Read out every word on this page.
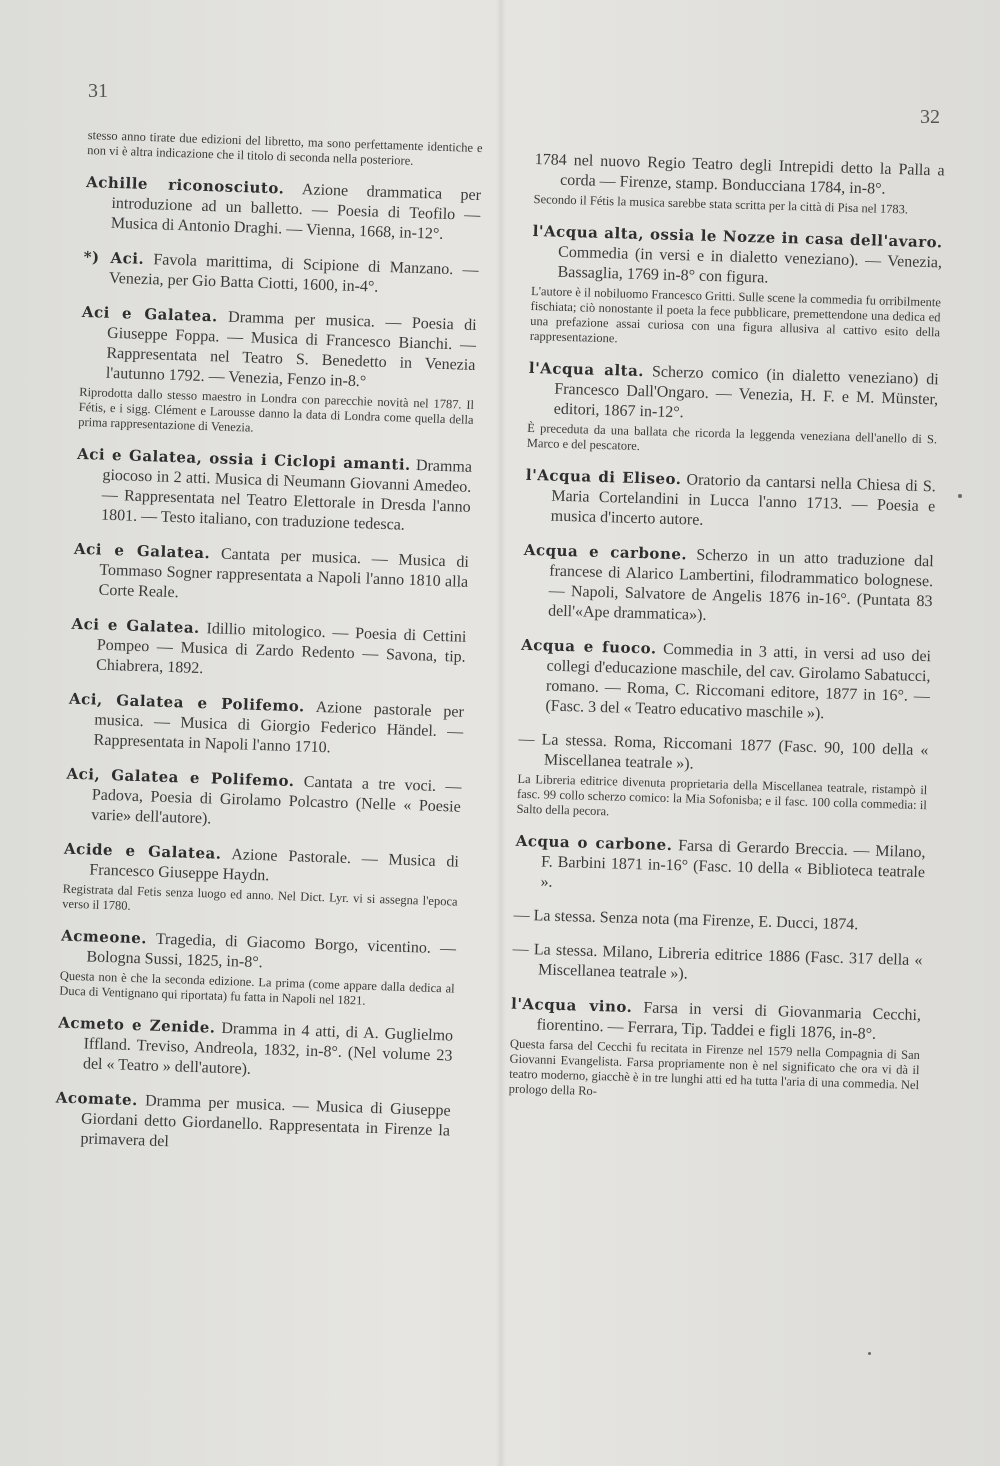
31
32

stesso anno tirate due edizioni del libretto, ma sono perfettamente identiche e non vi è altra indicazione che il titolo di seconda nella posteriore.

Achille riconosciuto. Azione drammatica per introduzione ad un balletto. — Poesia di Teofilo — Musica di Antonio Draghi. — Vienna, 1668, in-12°.

*) Aci. Favola marittima, di Scipione di Manzano. — Venezia, per Gio Batta Ciotti, 1600, in-4°.

Aci e Galatea. Dramma per musica. — Poesia di Giuseppe Foppa. — Musica di Francesco Bianchi. — Rappresentata nel Teatro S. Benedetto in Venezia l'autunno 1792. — Venezia, Fenzo in-8.°

Riprodotta dallo stesso maestro in Londra con parecchie novità nel 1787. Il Fétis, e i sigg. Clément e Larousse danno la data di Londra come quella della prima rappresentazione di Venezia.

Aci e Galatea, ossia i Ciclopi amanti. Dramma giocoso in 2 atti. Musica di Neumann Giovanni Amedeo. — Rappresentata nel Teatro Elettorale in Dresda l'anno 1801. — Testo italiano, con traduzione tedesca.

Aci e Galatea. Cantata per musica. — Musica di Tommaso Sogner rappresentata a Napoli l'anno 1810 alla Corte Reale.

Aci e Galatea. Idillio mitologico. — Poesia di Cettini Pompeo — Musica di Zardo Redento — Savona, tip. Chiabrera, 1892.

Aci, Galatea e Polifemo. Azione pastorale per musica. — Musica di Giorgio Federico Händel. — Rappresentata in Napoli l'anno 1710.

Aci, Galatea e Polifemo. Cantata a tre voci. — Padova, Poesia di Girolamo Polcastro (Nelle « Poesie varie» dell'autore).

Acide e Galatea. Azione Pastorale. — Musica di Francesco Giuseppe Haydn.

Registrata dal Fetis senza luogo ed anno. Nel Dict. Lyr. vi si assegna l'epoca verso il 1780.

Acmeone. Tragedia, di Giacomo Borgo, vicentino. — Bologna Sussi, 1825, in-8°.

Questa non è che la seconda edizione. La prima (come appare dalla dedica al Duca di Ventignano qui riportata) fu fatta in Napoli nel 1821.

Acmeto e Zenide. Dramma in 4 atti, di A. Guglielmo Iffland. Treviso, Andreola, 1832, in-8°. (Nel volume 23 del « Teatro » dell'autore).

Acomate. Dramma per musica. — Musica di Giuseppe Giordani detto Giordanello. Rappresentata in Firenze la primavera del

1784 nel nuovo Regio Teatro degli Intrepidi detto la Palla a corda — Firenze, stamp. Bonducciana 1784, in-8°.

Secondo il Fétis la musica sarebbe stata scritta per la città di Pisa nel 1783.

l'Acqua alta, ossia le Nozze in casa dell'avaro. Commedia (in versi e in dialetto veneziano). — Venezia, Bassaglia, 1769 in-8° con figura.

L'autore è il nobiluomo Francesco Gritti. Sulle scene la commedia fu orribilmente fischiata; ciò nonostante il poeta la fece pubblicare, premettendone una dedica ed una prefazione assai curiosa con una figura allusiva al cattivo esito della rappresentazione.

l'Acqua alta. Scherzo comico (in dialetto veneziano) di Francesco Dall'Ongaro. — Venezia, H. F. e M. Münster, editori, 1867 in-12°.

È preceduta da una ballata che ricorda la leggenda veneziana dell'anello di S. Marco e del pescatore.

l'Acqua di Eliseo. Oratorio da cantarsi nella Chiesa di S. Maria Cortelandini in Lucca l'anno 1713. — Poesia e musica d'incerto autore.

Acqua e carbone. Scherzo in un atto traduzione dal francese di Alarico Lambertini, filodrammatico bolognese. — Napoli, Salvatore de Angelis 1876 in-16°. (Puntata 83 dell'«Ape drammatica»).

Acqua e fuoco. Commedia in 3 atti, in versi ad uso dei collegi d'educazione maschile, del cav. Girolamo Sabatucci, romano. — Roma, C. Riccomani editore, 1877 in 16°. — (Fasc. 3 del « Teatro educativo maschile »).

— La stessa. Roma, Riccomani 1877 (Fasc. 90, 100 della « Miscellanea teatrale »).

La Libreria editrice divenuta proprietaria della Miscellanea teatrale, ristampò il fasc. 99 collo scherzo comico: la Mia Sofonisba; e il fasc. 100 colla commedia: il Salto della pecora.

Acqua o carbone. Farsa di Gerardo Breccia. — Milano, F. Barbini 1871 in-16° (Fasc. 10 della « Biblioteca teatrale ».

— La stessa. Senza nota (ma Firenze, E. Ducci, 1874.

— La stessa. Milano, Libreria editrice 1886 (Fasc. 317 della « Miscellanea teatrale »).

l'Acqua vino. Farsa in versi di Giovanmaria Cecchi, fiorentino. — Ferrara, Tip. Taddei e figli 1876, in-8°.

Questa farsa del Cecchi fu recitata in Firenze nel 1579 nella Compagnia di San Giovanni Evangelista. Farsa propriamente non è nel significato che ora vi dà il teatro moderno, giacchè è in tre lunghi atti ed ha tutta l'aria di una commedia. Nel prologo della Ro-
